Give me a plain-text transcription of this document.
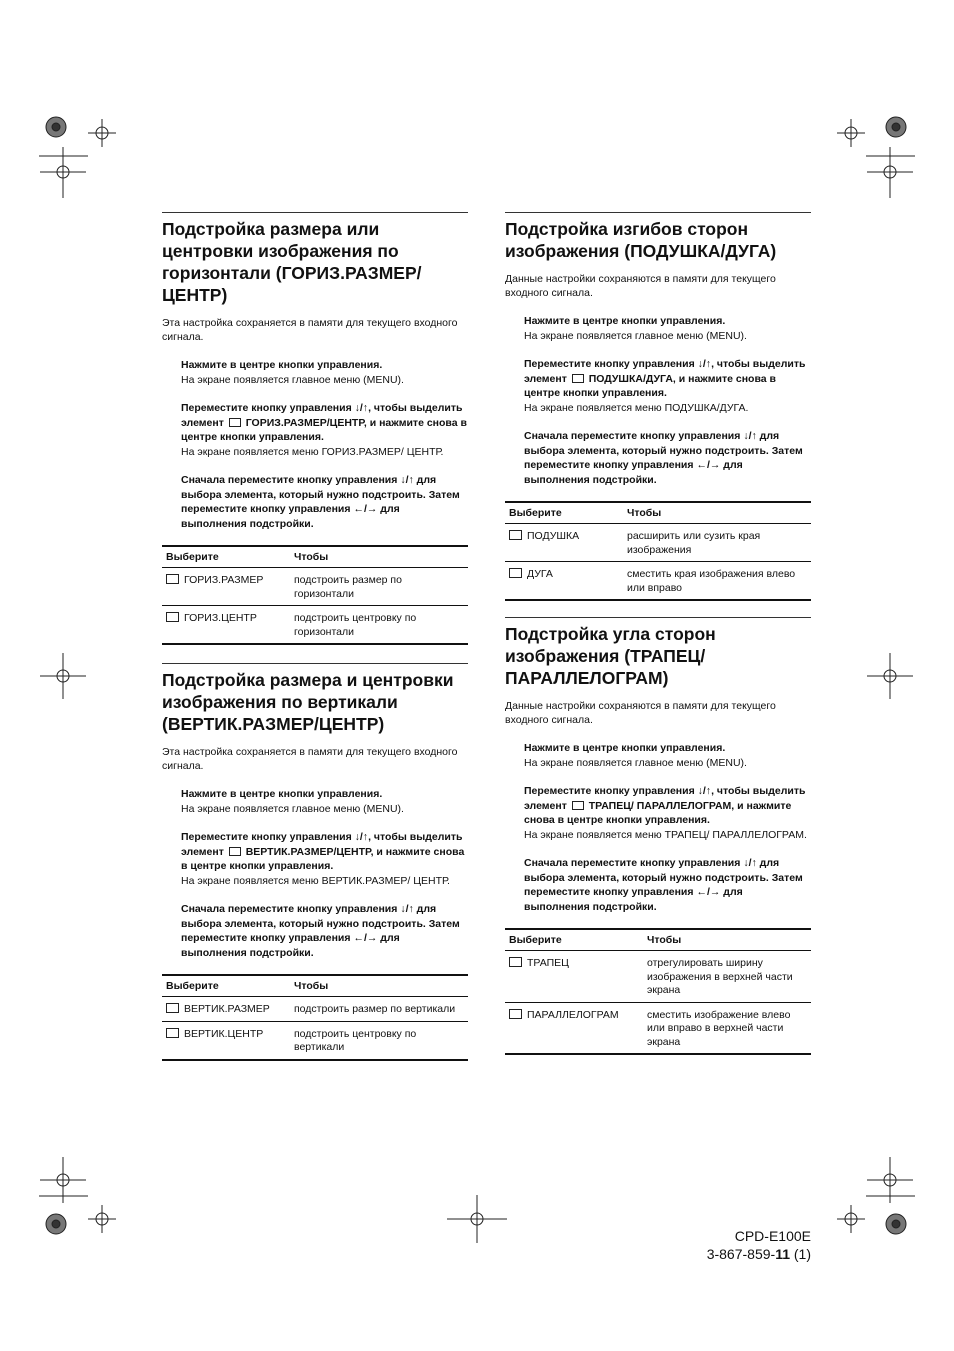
Подстройка размера или центровки изображения по горизонтали (ГОРИЗ.РАЗМЕР/ЦЕНТР)

Эта настройка сохраняется в памяти для текущего входного сигнала.

Нажмите в центре кнопки управления.
На экране появляется главное меню (MENU).
Переместите кнопку управления ↓/↑, чтобы выделить элемент ГОРИЗ.РАЗМЕР/ЦЕНТР, и нажмите снова в центре кнопки управления.
На экране появляется меню ГОРИЗ.РАЗМЕР/ ЦЕНТР.
Сначала переместите кнопку управления ↓/↑ для выбора элемента, который нужно подстроить. Затем переместите кнопку управления ←/→ для выполнения подстройки.
Выберите	Чтобы
ГОРИЗ.РАЗМЕР	подстроить размер по горизонтали
ГОРИЗ.ЦЕНТР	подстроить центровку по горизонтали
Подстройка размера и центровки изображения по вертикали (ВЕРТИК.РАЗМЕР/ЦЕНТР)

Эта настройка сохраняется в памяти для текущего входного сигнала.

Нажмите в центре кнопки управления.
На экране появляется главное меню (MENU).
Переместите кнопку управления ↓/↑, чтобы выделить элемент ВЕРТИК.РАЗМЕР/ЦЕНТР, и нажмите снова в центре кнопки управления.
На экране появляется меню ВЕРТИК.РАЗМЕР/ ЦЕНТР.
Сначала переместите кнопку управления ↓/↑ для выбора элемента, который нужно подстроить. Затем переместите кнопку управления ←/→ для выполнения подстройки.
Выберите	Чтобы
ВЕРТИК.РАЗМЕР	подстроить размер по вертикали
ВЕРТИК.ЦЕНТР	подстроить центровку по вертикали
Подстройка изгибов сторон изображения (ПОДУШКА/ДУГА)

Данные настройки сохраняются в памяти для текущего входного сигнала.

Нажмите в центре кнопки управления.
На экране появляется главное меню (MENU).
Переместите кнопку управления ↓/↑, чтобы выделить элемент ПОДУШКА/ДУГА, и нажмите снова в центре кнопки управления.
На экране появляется меню ПОДУШКА/ДУГА.
Сначала переместите кнопку управления ↓/↑ для выбора элемента, который нужно подстроить. Затем переместите кнопку управления ←/→ для выполнения подстройки.
Выберите	Чтобы
ПОДУШКА	расширить или сузить края изображения
ДУГА	сместить края изображения влево или вправо
Подстройка угла сторон изображения (ТРАПЕЦ/ПАРАЛЛЕЛОГРАМ)

Данные настройки сохраняются в памяти для текущего входного сигнала.

Нажмите в центре кнопки управления.
На экране появляется главное меню (MENU).
Переместите кнопку управления ↓/↑, чтобы выделить элемент ТРАПЕЦ/ ПАРАЛЛЕЛОГРАМ, и нажмите снова в центре кнопки управления.
На экране появляется меню ТРАПЕЦ/ ПАРАЛЛЕЛОГРАМ.
Сначала переместите кнопку управления ↓/↑ для выбора элемента, который нужно подстроить. Затем переместите кнопку управления ←/→ для выполнения подстройки.
Выберите	Чтобы
ТРАПЕЦ	отрегулировать ширину изображения в верхней части экрана
ПАРАЛЛЕЛОГРАМ	сместить изображение влево или вправо в верхней части экрана
CPD-E100E
3-867-859-11 (1)
